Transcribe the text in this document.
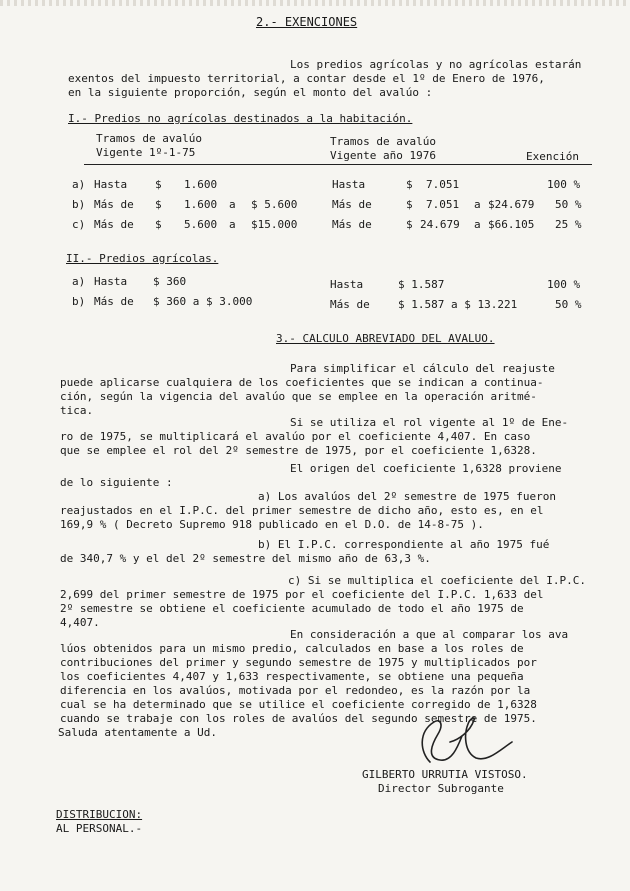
2.- EXENCIONES
Los predios agrícolas y no agrícolas estarán
exentos del impuesto territorial, a contar desde el 1º de Enero de 1976,
en la siguiente proporción, según el monto del avalúo :
I.- Predios no agrícolas destinados a la habitación.
Tramos de avalúo
Vigente 1º-1-75
Tramos de avalúo
Vigente año 1976	Exención
a) Hasta	$ 1.600	Hasta	$ 7.051	100 %
b) Más de $ 1.600 a $ 5.600	Más de	$ 7.051 a $24.679 50 %
c) Más de $ 5.600 a $15.000	Más de	$ 24.679 a $66.105 25 %
II.- Predios agrícolas.
a) Hasta $ 360	Hasta	$ 1.587	100 %
b) Más de $ 360 a $ 3.000	Más de	$ 1.587 a $ 13.221	50 %
3.- CALCULO ABREVIADO DEL AVALUO.
Para simplificar el cálculo del reajuste
puede aplicarse cualquiera de los coeficientes que se indican a continua-
ción, según la vigencia del avalúo que se emplee en la operación aritmé-
tica.
Si se utiliza el rol vigente al 1º de Ene-
ro de 1975, se multiplicará el avalúo por el coeficiente 4,407. En caso
que se emplee el rol del 2º semestre de 1975, por el coeficiente 1,6328.
El origen del coeficiente 1,6328 proviene
de lo siguiente :
a) Los avalúos del 2º semestre de 1975 fueron
reajustados en el I.P.C. del primer semestre de dicho año, esto es, en el
169,9 % ( Decreto Supremo 918 publicado en el D.O. de 14-8-75 ).
b) El I.P.C. correspondiente al año 1975 fué
de 340,7 % y el del 2º semestre del mismo año de 63,3 %.
c) Si se multiplica el coeficiente del I.P.C.
2,699 del primer semestre de 1975 por el coeficiente del I.P.C. 1,633 del
2º semestre se obtiene el coeficiente acumulado de todo el año 1975 de
4,407.
En consideración a que al comparar los ava
lúos obtenidos para un mismo predio, calculados en base a los roles de
contribuciones del primer y segundo semestre de 1975 y multiplicados por
los coeficientes 4,407 y 1,633 respectivamente, se obtiene una pequeña
diferencia en los avalúos, motivada por el redondeo, es la razón por la
cual se ha determinado que se utilice el coeficiente corregido de 1,6328
cuando se trabaje con los roles de avalúos del segundo semestre de 1975.
Saluda atentamente a Ud.
GILBERTO URRUTIA VISTOSO.
Director Subrogante
DISTRIBUCION:
AL PERSONAL.-
